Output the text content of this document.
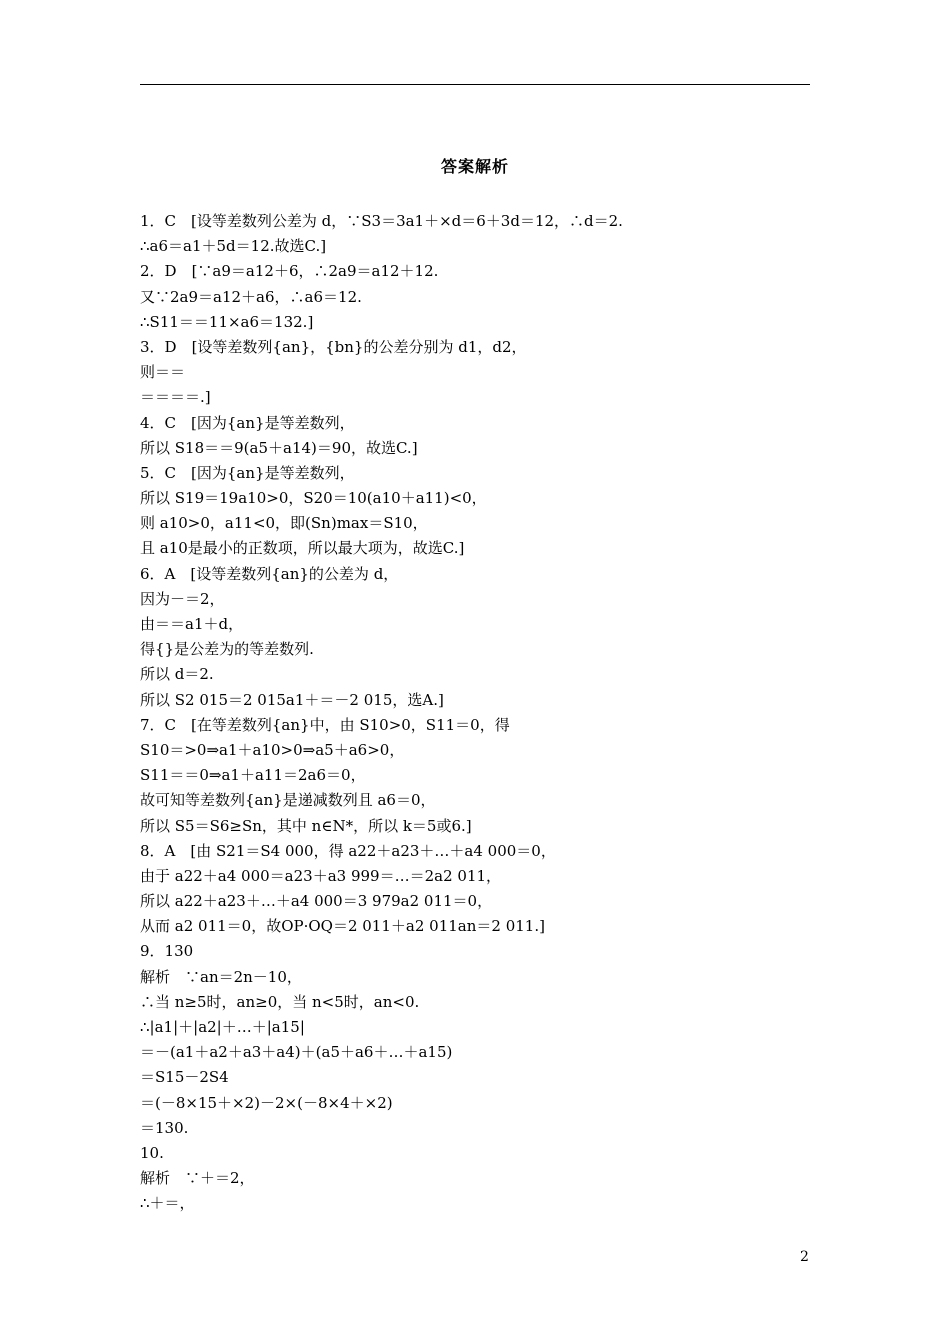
答案解析
1．C　[设等差数列公差为 d，∵S3＝3a1＋×d＝6＋3d＝12，∴d＝2.
∴a6＝a1＋5d＝12.故选C.]
2．D　[∵a9＝a12＋6，∴2a9＝a12＋12.
又∵2a9＝a12＋a6，∴a6＝12.
∴S11＝＝11×a6＝132.]
3．D　[设等差数列{an}，{bn}的公差分别为 d1，d2，
则＝＝
＝＝＝＝.]
4．C　[因为{an}是等差数列，
所以 S18＝＝9(a5＋a14)＝90，故选C.]
5．C　[因为{an}是等差数列，
所以 S19＝19a10>0，S20＝10(a10＋a11)<0，
则 a10>0，a11<0，即(Sn)max＝S10，
且 a10是最小的正数项，所以最大项为，故选C.]
6．A　[设等差数列{an}的公差为 d，
因为－＝2，
由＝＝a1＋d，
得{}是公差为的等差数列.
所以 d＝2.
所以 S2 015＝2 015a1＋＝－2 015，选A.]
7．C　[在等差数列{an}中，由 S10>0，S11＝0，得
S10＝>0⇒a1＋a10>0⇒a5＋a6>0，
S11＝＝0⇒a1＋a11＝2a6＝0，
故可知等差数列{an}是递减数列且 a6＝0，
所以 S5＝S6≥Sn，其中 n∈N*，所以 k＝5或6.]
8．A　[由 S21＝S4 000，得 a22＋a23＋…＋a4 000＝0，
由于 a22＋a4 000＝a23＋a3 999＝…＝2a2 011，
所以 a22＋a23＋…＋a4 000＝3 979a2 011＝0，
从而 a2 011＝0，故OP·OQ＝2 011＋a2 011an＝2 011.]
9．130
解析　∵an＝2n－10，
∴当 n≥5时，an≥0，当 n<5时，an<0.
∴|a1|＋|a2|＋…＋|a15|
＝－(a1＋a2＋a3＋a4)＋(a5＋a6＋…＋a15)
＝S15－2S4
＝(－8×15＋×2)－2×(－8×4＋×2)
＝130.
10.
解析　∵＋＝2，
∴＋＝，
2
